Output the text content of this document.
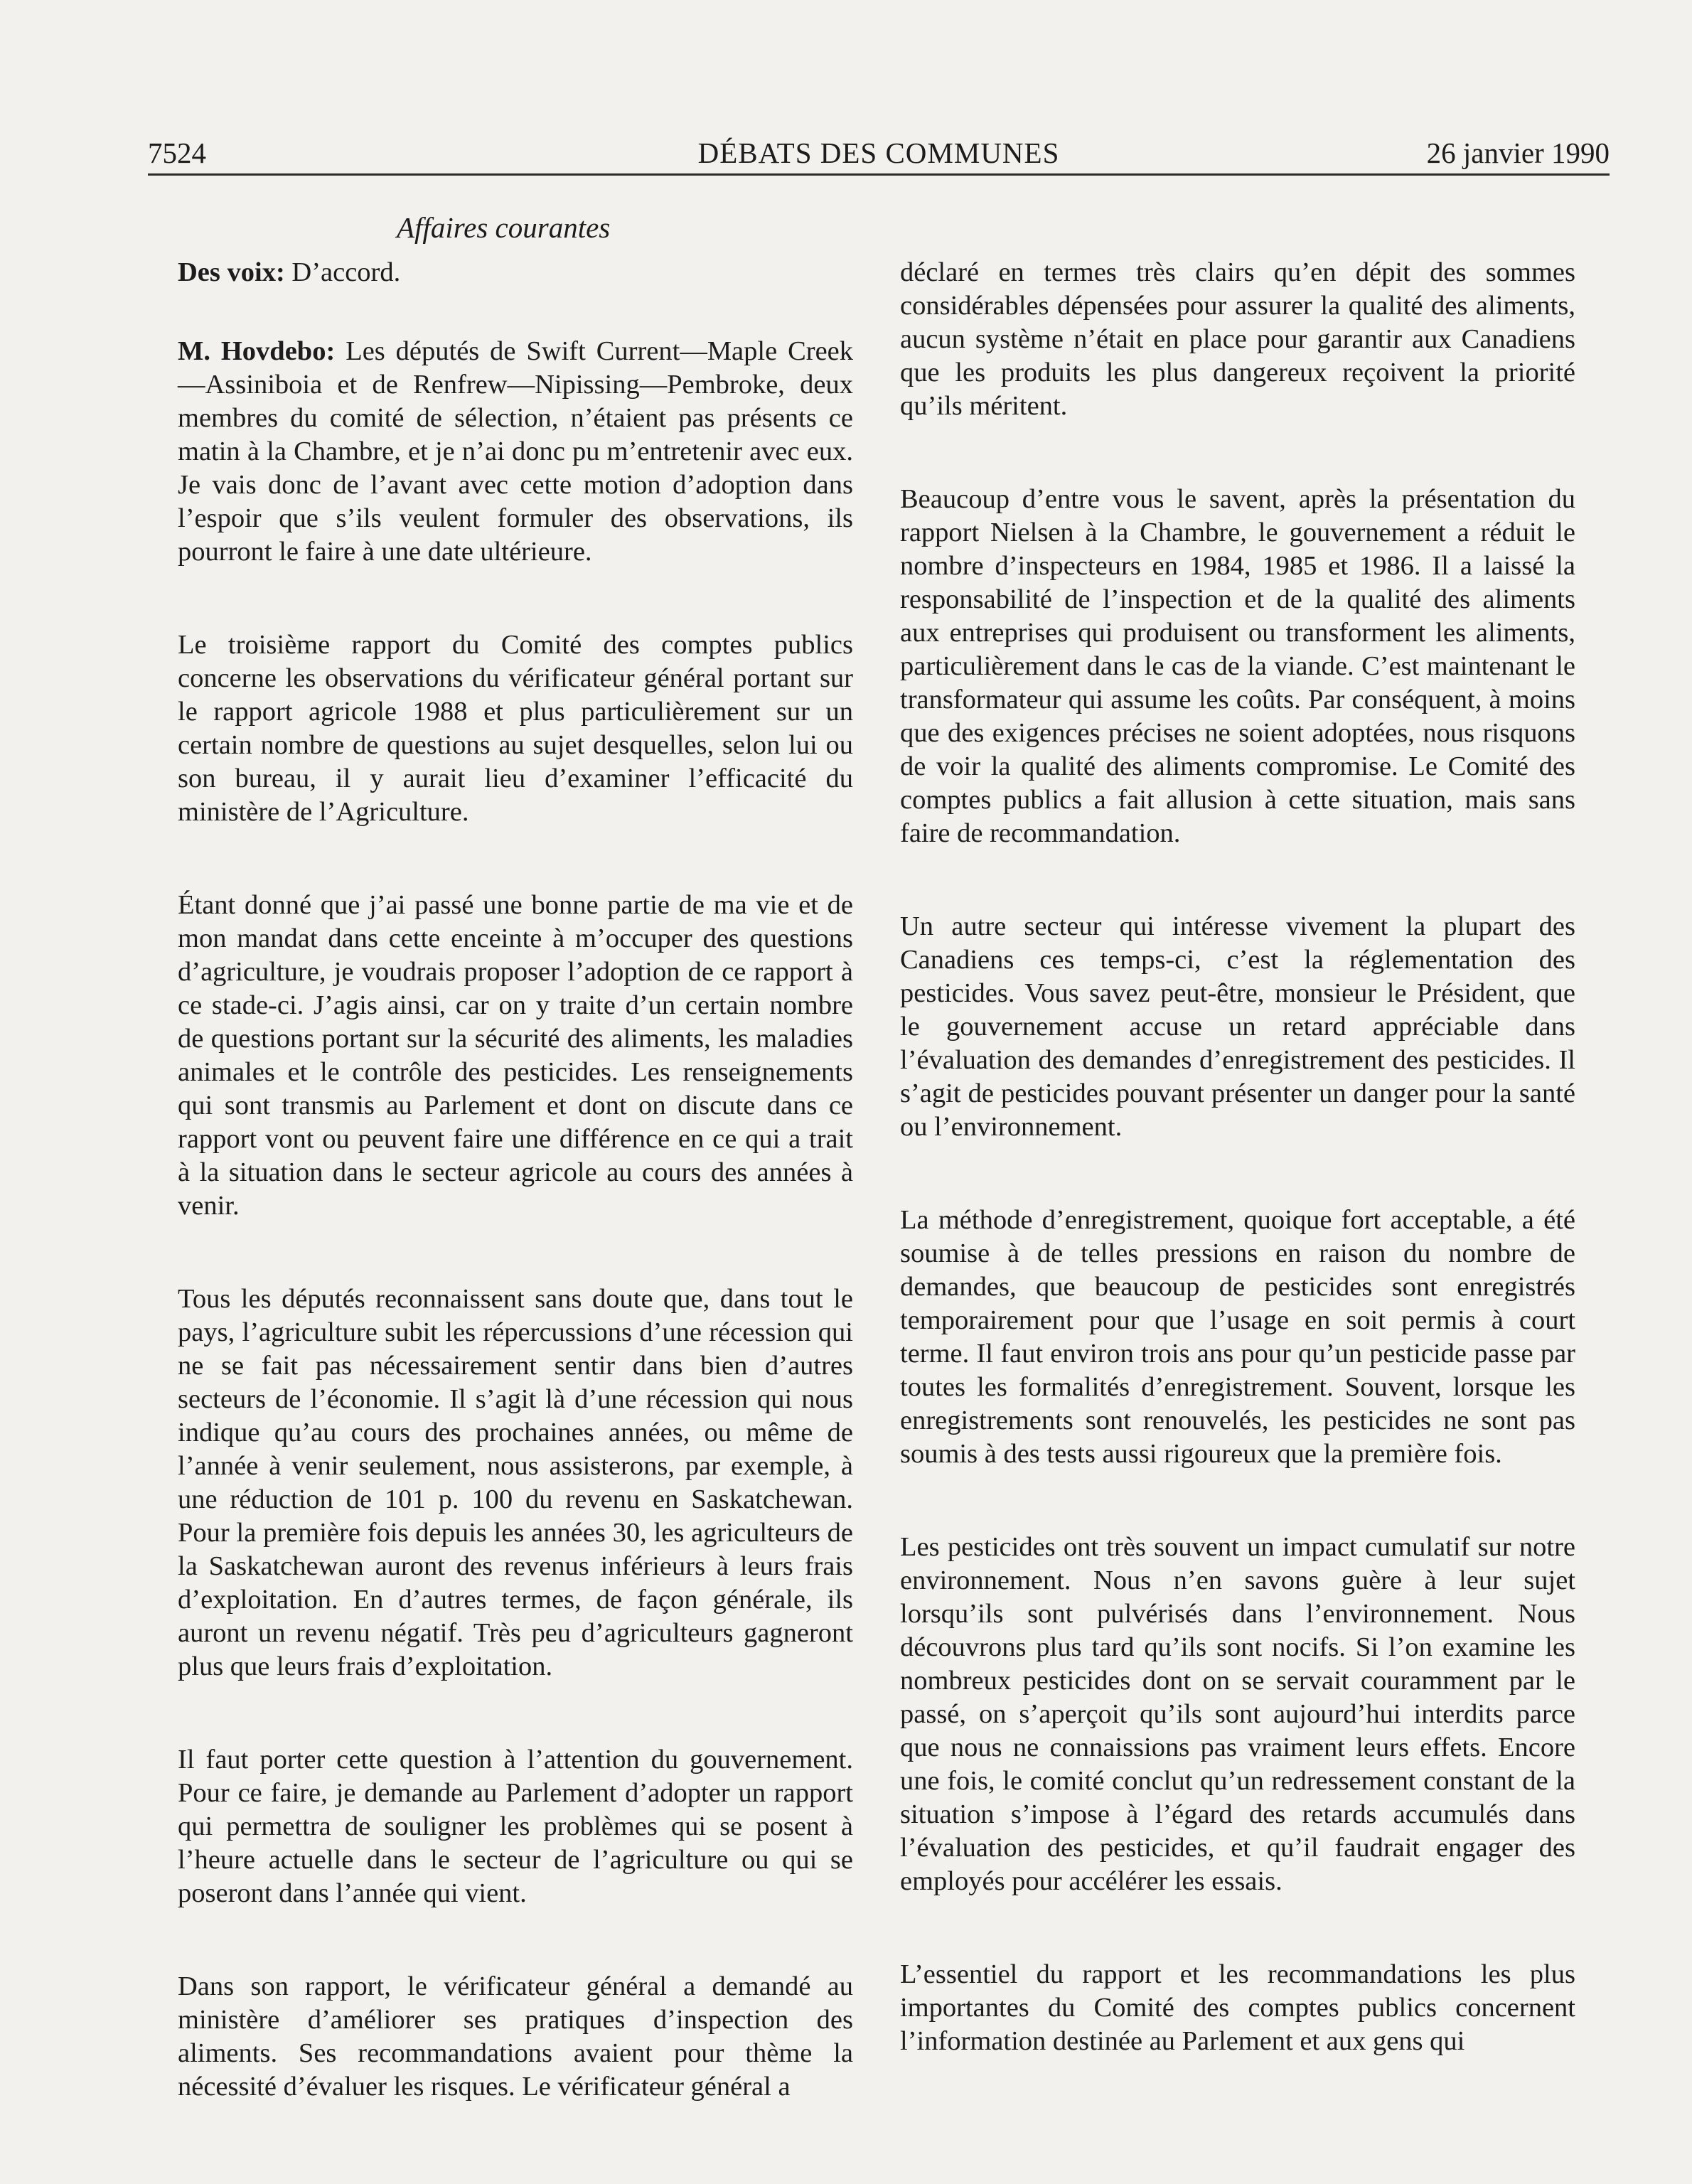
7524	DÉBATS DES COMMUNES	26 janvier 1990
Affaires courantes

Des voix: D’accord.

M. Hovdebo: Les députés de Swift Current—Maple Creek—Assiniboia et de Renfrew—Nipissing—Pembroke, deux membres du comité de sélection, n’étaient pas présents ce matin à la Chambre, et je n’ai donc pu m’entretenir avec eux. Je vais donc de l’avant avec cette motion d’adoption dans l’espoir que s’ils veulent formuler des observations, ils pourront le faire à une date ultérieure.

Le troisième rapport du Comité des comptes publics concerne les observations du vérificateur général portant sur le rapport agricole 1988 et plus particulièrement sur un certain nombre de questions au sujet desquelles, selon lui ou son bureau, il y aurait lieu d’examiner l’efficacité du ministère de l’Agriculture.

Étant donné que j’ai passé une bonne partie de ma vie et de mon mandat dans cette enceinte à m’occuper des questions d’agriculture, je voudrais proposer l’adoption de ce rapport à ce stade-ci. J’agis ainsi, car on y traite d’un certain nombre de questions portant sur la sécurité des aliments, les maladies animales et le contrôle des pesticides. Les renseignements qui sont transmis au Parlement et dont on discute dans ce rapport vont ou peuvent faire une différence en ce qui a trait à la situation dans le secteur agricole au cours des années à venir.

Tous les députés reconnaissent sans doute que, dans tout le pays, l’agriculture subit les répercussions d’une récession qui ne se fait pas nécessairement sentir dans bien d’autres secteurs de l’économie. Il s’agit là d’une récession qui nous indique qu’au cours des prochaines années, ou même de l’année à venir seulement, nous assisterons, par exemple, à une réduction de 101 p. 100 du revenu en Saskatchewan. Pour la première fois depuis les années 30, les agriculteurs de la Saskatchewan auront des revenus inférieurs à leurs frais d’exploitation. En d’autres termes, de façon générale, ils auront un revenu négatif. Très peu d’agriculteurs gagneront plus que leurs frais d’exploitation.

Il faut porter cette question à l’attention du gouvernement. Pour ce faire, je demande au Parlement d’adopter un rapport qui permettra de souligner les problèmes qui se posent à l’heure actuelle dans le secteur de l’agriculture ou qui se poseront dans l’année qui vient.

Dans son rapport, le vérificateur général a demandé au ministère d’améliorer ses pratiques d’inspection des aliments. Ses recommandations avaient pour thème la nécessité d’évaluer les risques. Le vérificateur général a

déclaré en termes très clairs qu’en dépit des sommes considérables dépensées pour assurer la qualité des aliments, aucun système n’était en place pour garantir aux Canadiens que les produits les plus dangereux reçoivent la priorité qu’ils méritent.

Beaucoup d’entre vous le savent, après la présentation du rapport Nielsen à la Chambre, le gouvernement a réduit le nombre d’inspecteurs en 1984, 1985 et 1986. Il a laissé la responsabilité de l’inspection et de la qualité des aliments aux entreprises qui produisent ou transforment les aliments, particulièrement dans le cas de la viande. C’est maintenant le transformateur qui assume les coûts. Par conséquent, à moins que des exigences précises ne soient adoptées, nous risquons de voir la qualité des aliments compromise. Le Comité des comptes publics a fait allusion à cette situation, mais sans faire de recommandation.

Un autre secteur qui intéresse vivement la plupart des Canadiens ces temps-ci, c’est la réglementation des pesticides. Vous savez peut-être, monsieur le Président, que le gouvernement accuse un retard appréciable dans l’évaluation des demandes d’enregistrement des pesticides. Il s’agit de pesticides pouvant présenter un danger pour la santé ou l’environnement.

La méthode d’enregistrement, quoique fort acceptable, a été soumise à de telles pressions en raison du nombre de demandes, que beaucoup de pesticides sont enregistrés temporairement pour que l’usage en soit permis à court terme. Il faut environ trois ans pour qu’un pesticide passe par toutes les formalités d’enregistrement. Souvent, lorsque les enregistrements sont renouvelés, les pesticides ne sont pas soumis à des tests aussi rigoureux que la première fois.

Les pesticides ont très souvent un impact cumulatif sur notre environnement. Nous n’en savons guère à leur sujet lorsqu’ils sont pulvérisés dans l’environnement. Nous découvrons plus tard qu’ils sont nocifs. Si l’on examine les nombreux pesticides dont on se servait couramment par le passé, on s’aperçoit qu’ils sont aujourd’hui interdits parce que nous ne connaissions pas vraiment leurs effets. Encore une fois, le comité conclut qu’un redressement constant de la situation s’impose à l’égard des retards accumulés dans l’évaluation des pesticides, et qu’il faudrait engager des employés pour accélérer les essais.

L’essentiel du rapport et les recommandations les plus importantes du Comité des comptes publics concernent l’information destinée au Parlement et aux gens qui
